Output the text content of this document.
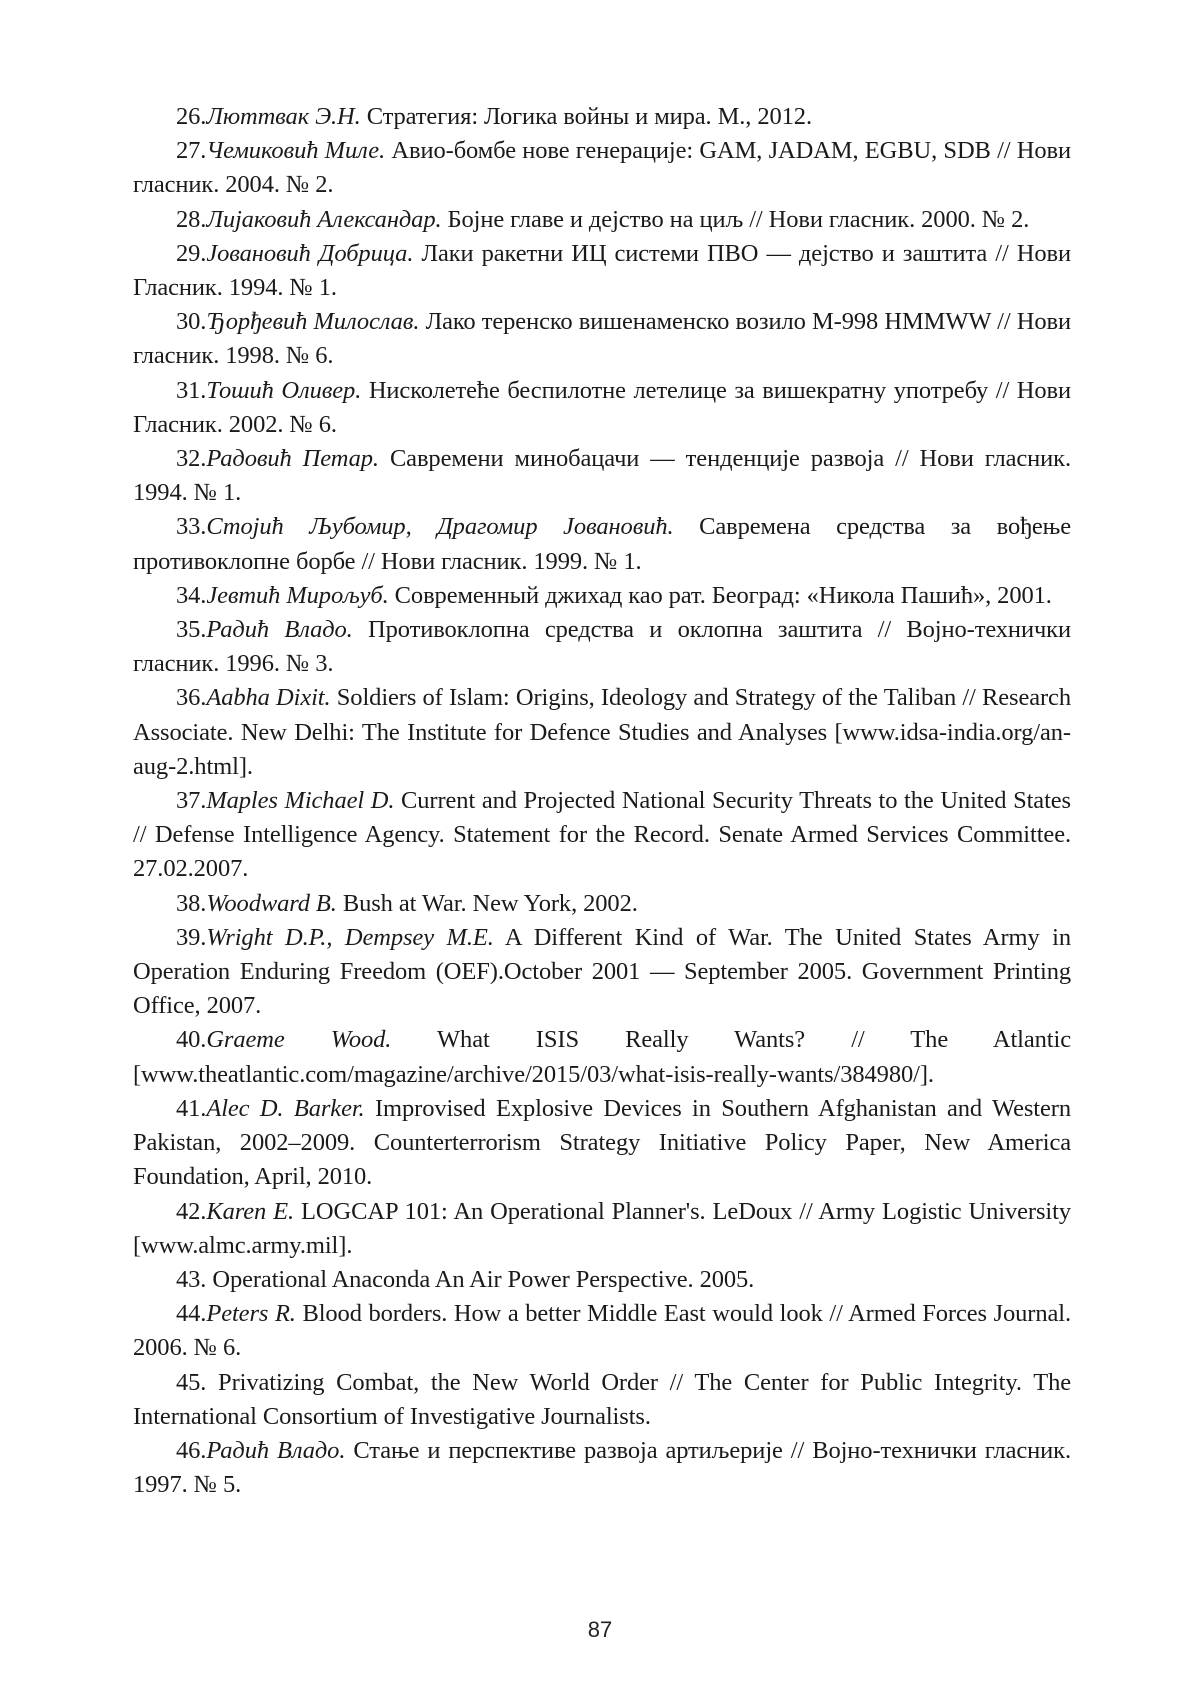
26.Люттвак Э.Н. Стратегия: Логика войны и мира. М., 2012.

27.Чемиковић Миле. Авио-бомбе нове генерације: GAM, JADAM, EGBU, SDB // Нови гласник. 2004. № 2.

28.Лијаковић Александар. Бојне главе и дејство на циљ // Нови гласник. 2000. № 2.

29.Јовановић Добрица. Лаки ракетни ИЦ системи ПВО — дејство и заштита // Нови Гласник. 1994. № 1.

30.Ђорђевић Милослав. Лако теренско вишенаменско возило М-998 HMMWW // Нови гласник. 1998. № 6.

31.Тошић Оливер. Нисколетеће беспилотне летелице за вишекратну употребу // Нови Гласник. 2002. № 6.

32.Радовић Петар. Савремени минобацачи — тенденције развоја // Нови гласник. 1994. № 1.

33.Стојић Љубомир, Драгомир Јовановић. Савремена средства за вођење противоклопне борбе // Нови гласник. 1999. № 1.

34.Јевтић Мирољуб. Современный джихад као рат. Београд: «Никола Пашић», 2001.

35.Радић Владо. Противоклопна средства и оклопна заштита // Војно-технички гласник. 1996. № 3.

36.Aabha Dixit. Soldiers of Islam: Origins, Ideology and Strategy of the Taliban // Research Associate. New Delhi: The Institute for Defence Studies and Analyses [www.idsa-india.org/an-aug-2.html].

37.Maples Michael D. Current and Projected National Security Threats to the United States // Defense Intelligence Agency. Statement for the Record. Senate Armed Services Committee. 27.02.2007.

38.Woodward B. Bush at War. New York, 2002.

39.Wright D.P., Dempsey M.E. A Different Kind of War. The United States Army in Operation Enduring Freedom (OEF).October 2001 — September 2005. Government Printing Office, 2007.

40.Graeme Wood. What ISIS Really Wants? // The Atlantic [www.theatlantic.com/magazine/archive/2015/03/what-isis-really-wants/384980/].

41.Alec D. Barker. Improvised Explosive Devices in Southern Afghanistan and Western Pakistan, 2002–2009. Counterterrorism Strategy Initiative Policy Paper, New America Foundation, April, 2010.

42.Karen E. LOGCAP 101: An Operational Planner's. LeDoux // Army Logistic University [www.almc.army.mil].

43. Operational Anaconda An Air Power Perspective. 2005.

44.Peters R. Blood borders. How a better Middle East would look // Armed Forces Journal. 2006. № 6.

45. Privatizing Combat, the New World Order // The Center for Public Integrity. The International Consortium of Investigative Journalists.

46.Радић Владо. Стање и перспективе развоја артиљерије // Војно-технички гласник. 1997. № 5.

87
